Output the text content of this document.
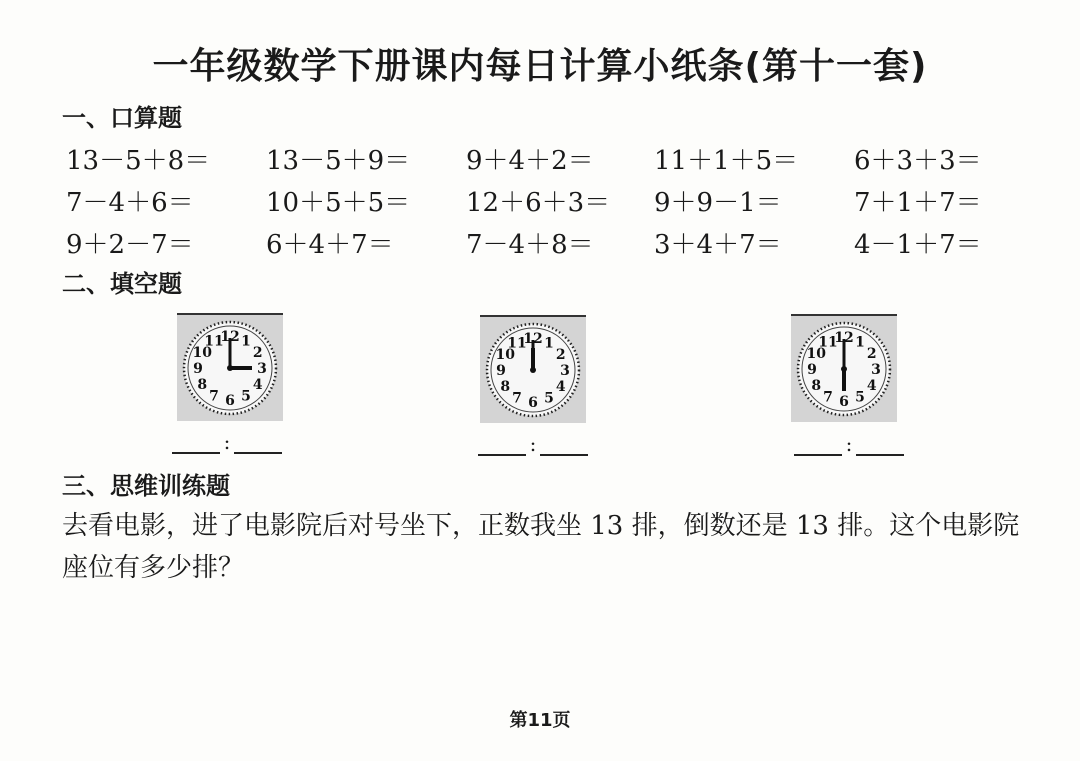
一年级数学下册课内每日计算小纸条(第十一套)
一、口算题
13－5＋8＝ 13－5＋9＝ 9＋4＋2＝ 11＋1＋5＝ 6＋3＋3＝
7－4＋6＝	10＋5＋5＝ 12＋6＋3＝ 9＋9－1＝	7＋1＋7＝
9＋2－7＝	6＋4＋7＝	7－4＋8＝ 3＋4＋7＝	4－1＋7＝
二、填空题
12 1
2
3
4
5
6
7
8
9
10
11	12 1
2
3
4
5
6
7
8
9
10
11	12 1
2
3
4
5
6
7
8
9
10
11
:	:	:
三、思维训练题
去看电影，进了电影院后对号坐下，正数我坐 13 排，倒数还是 13 排。这个电影院座位有多少排？
第11页
